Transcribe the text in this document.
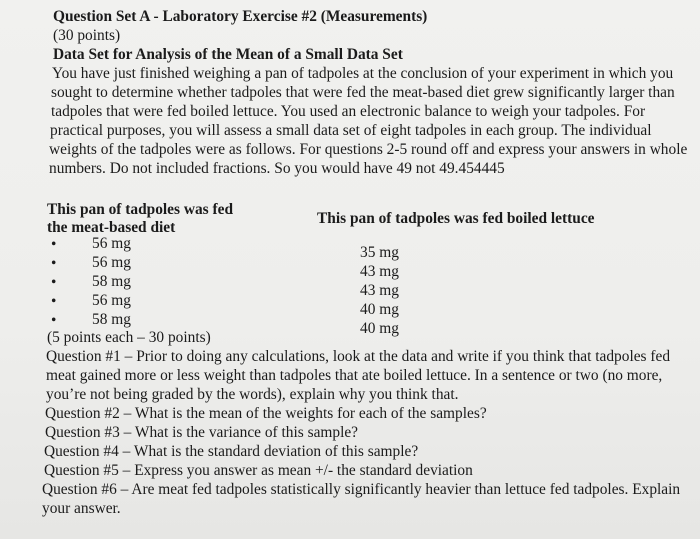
Question Set A - Laboratory Exercise #2 (Measurements)
(30 points)
Data Set for Analysis of the Mean of a Small Data Set
You have just finished weighing a pan of tadpoles at the conclusion of your experiment in which you
sought to determine whether tadpoles that were fed the meat-based diet grew significantly larger than
tadpoles that were fed boiled lettuce. You used an electronic balance to weigh your tadpoles. For
practical purposes, you will assess a small data set of eight tadpoles in each group. The individual
weights of the tadpoles were as follows. For questions 2-5 round off and express your answers in whole
numbers. Do not included fractions. So you would have 49 not 49.454445
This pan of tadpoles was fed
the meat-based diet
This pan of tadpoles was fed boiled lettuce
•
•
•
•
•
56 mg
56 mg
58 mg
56 mg
58 mg
35 mg
43 mg
43 mg
40 mg
40 mg
(5 points each – 30 points)
Question #1 – Prior to doing any calculations, look at the data and write if you think that tadpoles fed
meat gained more or less weight than tadpoles that ate boiled lettuce. In a sentence or two (no more,
you’re not being graded by the words), explain why you think that.
Question #2 – What is the mean of the weights for each of the samples?
Question #3 – What is the variance of this sample?
Question #4 – What is the standard deviation of this sample?
Question #5 – Express you answer as mean +/- the standard deviation
Question #6 – Are meat fed tadpoles statistically significantly heavier than lettuce fed tadpoles. Explain
your answer.
